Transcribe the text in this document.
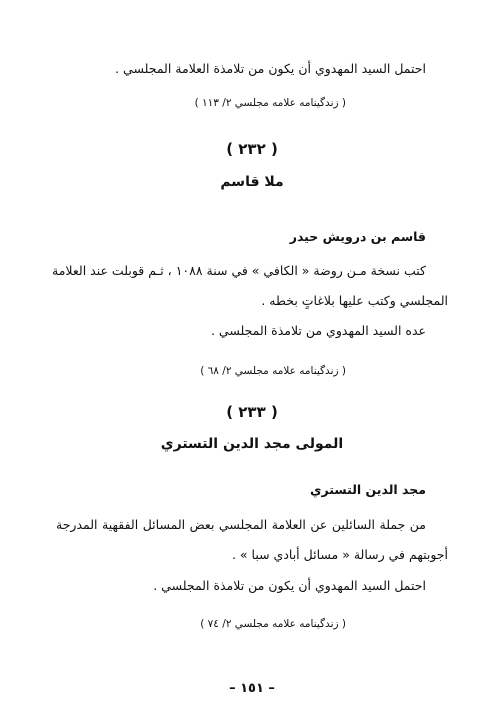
احتمل السيد المهدوي أن يكون من تلامذة العلامة المجلسي .
( زندگينامه علامه مجلسي ٢/ ١١٣ )
( ٢٣٢ )
ملا قاسم
قاسم بن درويش حيدر
كتب نسخة مـن روضة « الكافي » في سنة ١٠٨٨ ، ثـم قوبلت عند العلامة
المجلسي وكتب عليها بلاغاتٍ بخطه .
عده السيد المهدوي من تلامذة المجلسي .
( زندگينامه علامه مجلسي ٢/ ٦٨ )
( ٢٣٣ )
المولى مجد الدين التستري
مجد الدين التستري
من جملة السائلين عن العلامة المجلسي بعض المسائل الفقهية المدرجة
أجوبتهم في رسالة « مسائل أبادي سبا » .
احتمل السيد المهدوي أن يكون من تلامذة المجلسي .
( زندگينامه علامه مجلسي ٢/ ٧٤ )
– ١٥١ –
